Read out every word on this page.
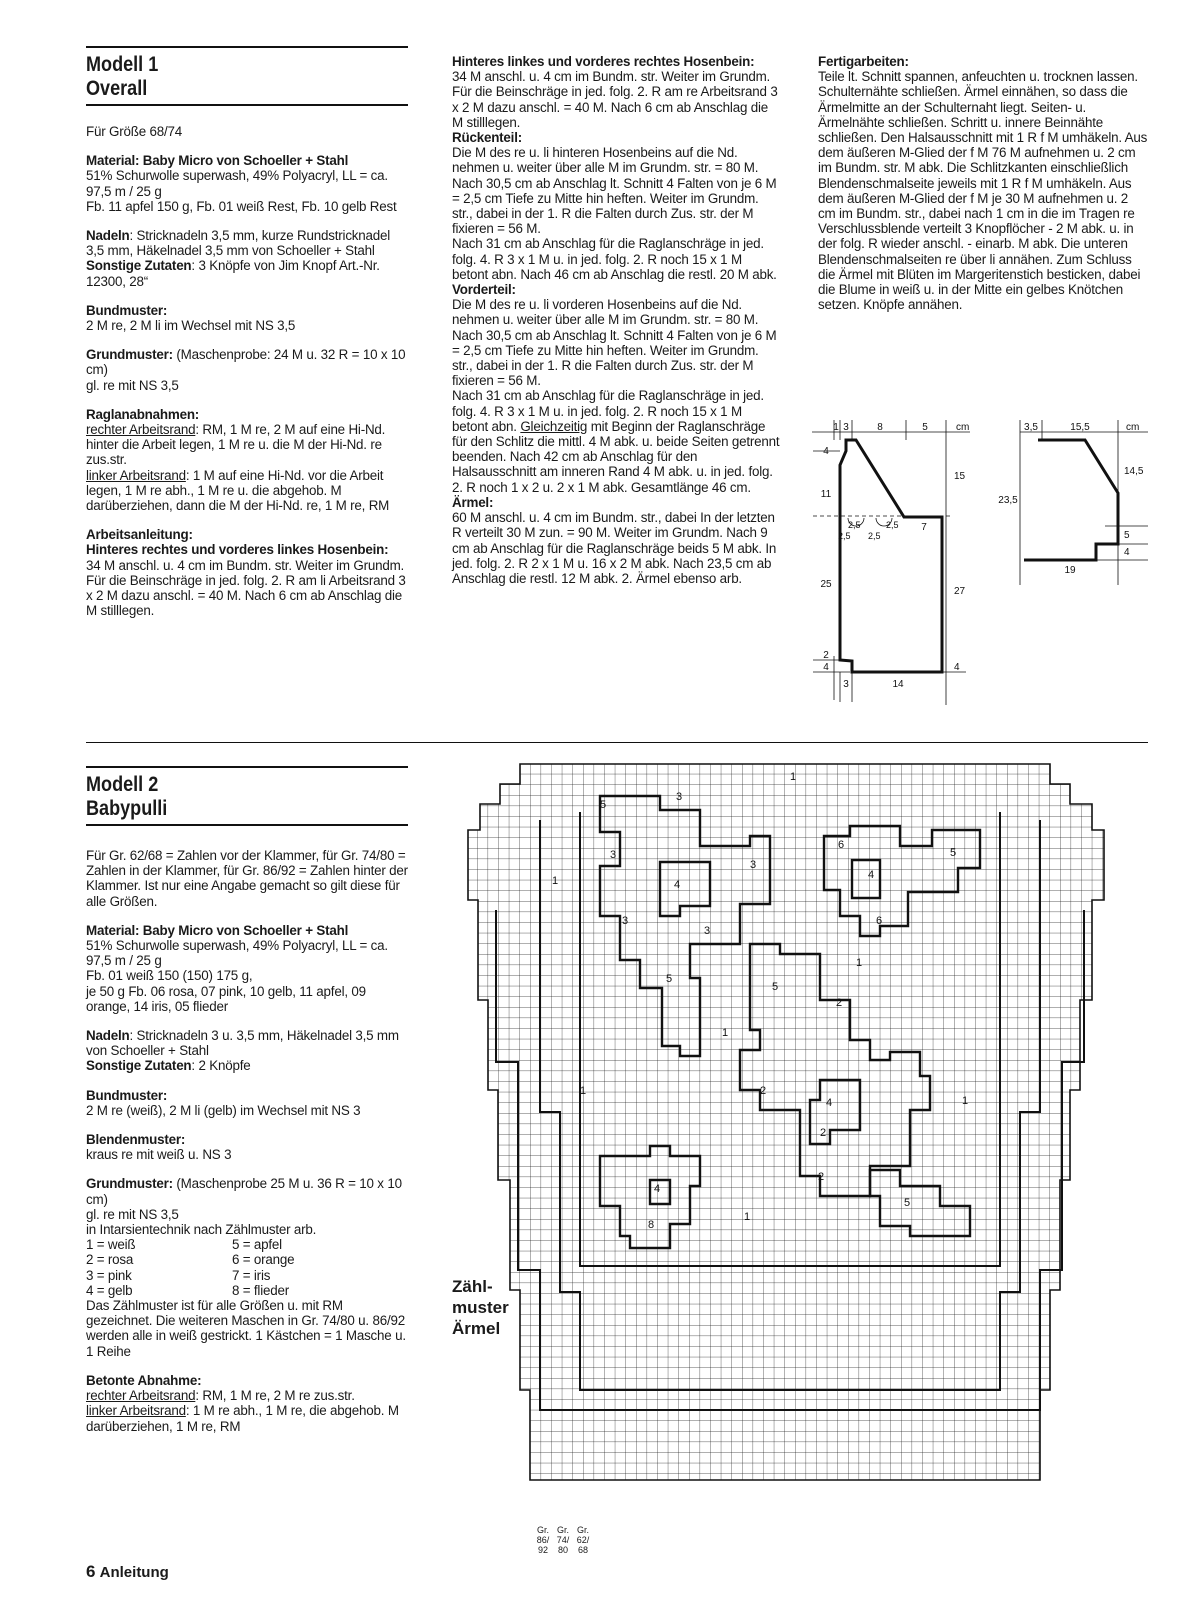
Modell 1
Overall

Für Größe 68/74

Material: Baby Micro von Schoeller + Stahl

51% Schurwolle superwash, 49% Polyacryl, LL = ca. 97,5 m / 25 g

Fb. 11 apfel 150 g, Fb. 01 weiß Rest, Fb. 10 gelb Rest

Nadeln: Stricknadeln 3,5 mm, kurze Rundstricknadel 3,5 mm, Häkelnadel 3,5 mm von Schoeller + Stahl

Sonstige Zutaten: 3 Knöpfe von Jim Knopf Art.-Nr. 12300, 28“

Bundmuster:

2 M re, 2 M li im Wechsel mit NS 3,5

Grundmuster: (Maschenprobe: 24 M u. 32 R = 10 x 10 cm)

gl. re mit NS 3,5

Raglanabnahmen:

rechter Arbeitsrand: RM, 1 M re, 2 M auf eine Hi-Nd. hinter die Arbeit legen, 1 M re u. die M der Hi-Nd. re zus.str.

linker Arbeitsrand: 1 M auf eine Hi-Nd. vor die Arbeit legen, 1 M re abh., 1 M re u. die abgehob. M darüberziehen, dann die M der Hi-Nd. re, 1 M re, RM

Arbeitsanleitung:

Hinteres rechtes und vorderes linkes Hosenbein:

34 M anschl. u. 4 cm im Bundm. str. Weiter im Grundm. Für die Beinschräge in jed. folg. 2. R am li Arbeitsrand 3 x 2 M dazu anschl. = 40 M. Nach 6 cm ab Anschlag die M stilllegen.

Hinteres linkes und vorderes rechtes Hosenbein:

34 M anschl. u. 4 cm im Bundm. str. Weiter im Grundm. Für die Beinschräge in jed. folg. 2. R am re Arbeitsrand 3 x 2 M dazu anschl. = 40 M. Nach 6 cm ab Anschlag die M stilllegen.

Rückenteil:

Die M des re u. li hinteren Hosenbeins auf die Nd. nehmen u. weiter über alle M im Grundm. str. = 80 M. Nach 30,5 cm ab Anschlag lt. Schnitt 4 Falten von je 6 M = 2,5 cm Tiefe zu Mitte hin heften. Weiter im Grundm. str., dabei in der 1. R die Falten durch Zus. str. der M fixieren = 56 M.

Nach 31 cm ab Anschlag für die Raglanschräge in jed. folg. 4. R 3 x 1 M u. in jed. folg. 2. R noch 15 x 1 M betont abn. Nach 46 cm ab Anschlag die restl. 20 M abk.

Vorderteil:

Die M des re u. li vorderen Hosenbeins auf die Nd. nehmen u. weiter über alle M im Grundm. str. = 80 M. Nach 30,5 cm ab Anschlag lt. Schnitt 4 Falten von je 6 M = 2,5 cm Tiefe zu Mitte hin heften. Weiter im Grundm. str., dabei in der 1. R die Falten durch Zus. str. der M fixieren = 56 M.

Nach 31 cm ab Anschlag für die Raglanschräge in jed. folg. 4. R 3 x 1 M u. in jed. folg. 2. R noch 15 x 1 M betont abn. Gleichzeitig mit Beginn der Raglanschräge für den Schlitz die mittl. 4 M abk. u. beide Seiten getrennt beenden. Nach 42 cm ab Anschlag für den Halsausschnitt am inneren Rand 4 M abk. u. in jed. folg. 2. R noch 1 x 2 u. 2 x 1 M abk. Gesamtlänge 46 cm.

Ärmel:

60 M anschl. u. 4 cm im Bundm. str., dabei In der letzten R verteilt 30 M zun. = 90 M. Weiter im Grundm. Nach 9 cm ab Anschlag für die Raglanschräge beids 5 M abk. In jed. folg. 2. R 2 x 1 M u. 16 x 2 M abk. Nach 23,5 cm ab Anschlag die restl. 12 M abk. 2. Ärmel ebenso arb.

Fertigarbeiten:

Teile lt. Schnitt spannen, anfeuchten u. trocknen lassen. Schulternähte schließen. Ärmel einnähen, so dass die Ärmelmitte an der Schulternaht liegt. Seiten- u. Ärmelnähte schließen. Schritt u. innere Beinnähte schließen. Den Halsausschnitt mit 1 R f M umhäkeln. Aus dem äußeren M-Glied der f M 76 M aufnehmen u. 2 cm im Bundm. str. M abk. Die Schlitzkanten einschließlich Blendenschmalseite jeweils mit 1 R f M umhäkeln. Aus dem äußeren M-Glied der f M je 30 M aufnehmen u. 2 cm im Bundm. str., dabei nach 1 cm in die im Tragen re Verschlussblende verteilt 3 Knopflöcher - 2 M abk. u. in der folg. R wieder anschl. - einarb. M abk. Die unteren Blendenschmalseiten re über li annähen. Zum Schluss die Ärmel mit Blüten im Margeritenstich besticken, dabei die Blume in weiß u. in der Mitte ein gelbes Knötchen setzen. Knöpfe annähen.

1 3	8	5	cm
4
11
25
2
4
3
15
7
27
4
14
2,5
2,5
2,5
2,5
3,5	15,5	cm
23,5
14,5
5
4
19
Modell 2
Babypulli

Für Gr. 62/68 = Zahlen vor der Klammer, für Gr. 74/80 = Zahlen in der Klammer, für Gr. 86/92 = Zahlen hinter der Klammer. Ist nur eine Angabe gemacht so gilt diese für alle Größen.

Material: Baby Micro von Schoeller + Stahl

51% Schurwolle superwash, 49% Polyacryl, LL = ca. 97,5 m / 25 g

Fb. 01 weiß 150 (150) 175 g,

je 50 g Fb. 06 rosa, 07 pink, 10 gelb, 11 apfel, 09 orange, 14 iris, 05 flieder

Nadeln: Stricknadeln 3 u. 3,5 mm, Häkelnadel 3,5 mm von Schoeller + Stahl

Sonstige Zutaten: 2 Knöpfe

Bundmuster:

2 M re (weiß), 2 M li (gelb) im Wechsel mit NS 3

Blendenmuster:

kraus re mit weiß u. NS 3

Grundmuster: (Maschenprobe 25 M u. 36 R = 10 x 10 cm)

gl. re mit NS 3,5

in Intarsientechnik nach Zählmuster arb.

1 = weiß	5 = apfel
2 = rosa	6 = orange
3 = pink	7 = iris
4 = gelb	8 = flieder

Das Zählmuster ist für alle Größen u. mit RM gezeichnet. Die weiteren Maschen in Gr. 74/80 u. 86/92 werden alle in weiß gestrickt. 1 Kästchen = 1 Masche u. 1 Reihe

Betonte Abnahme:

rechter Arbeitsrand: RM, 1 M re, 2 M re zus.str.

linker Arbeitsrand: 1 M re abh., 1 M re, die abgehob. M darüberziehen, 1 M re, RM

Zähl-
muster
Ärmel
1
5
3
3
6
5
4
3
3
4
1
6
3
1
5
2
1
5
1	2
4	1
4
2
2
8
1
5
Gr.
86/
92
Gr.
74/
80
Gr.
62/
68
6 Anleitung
